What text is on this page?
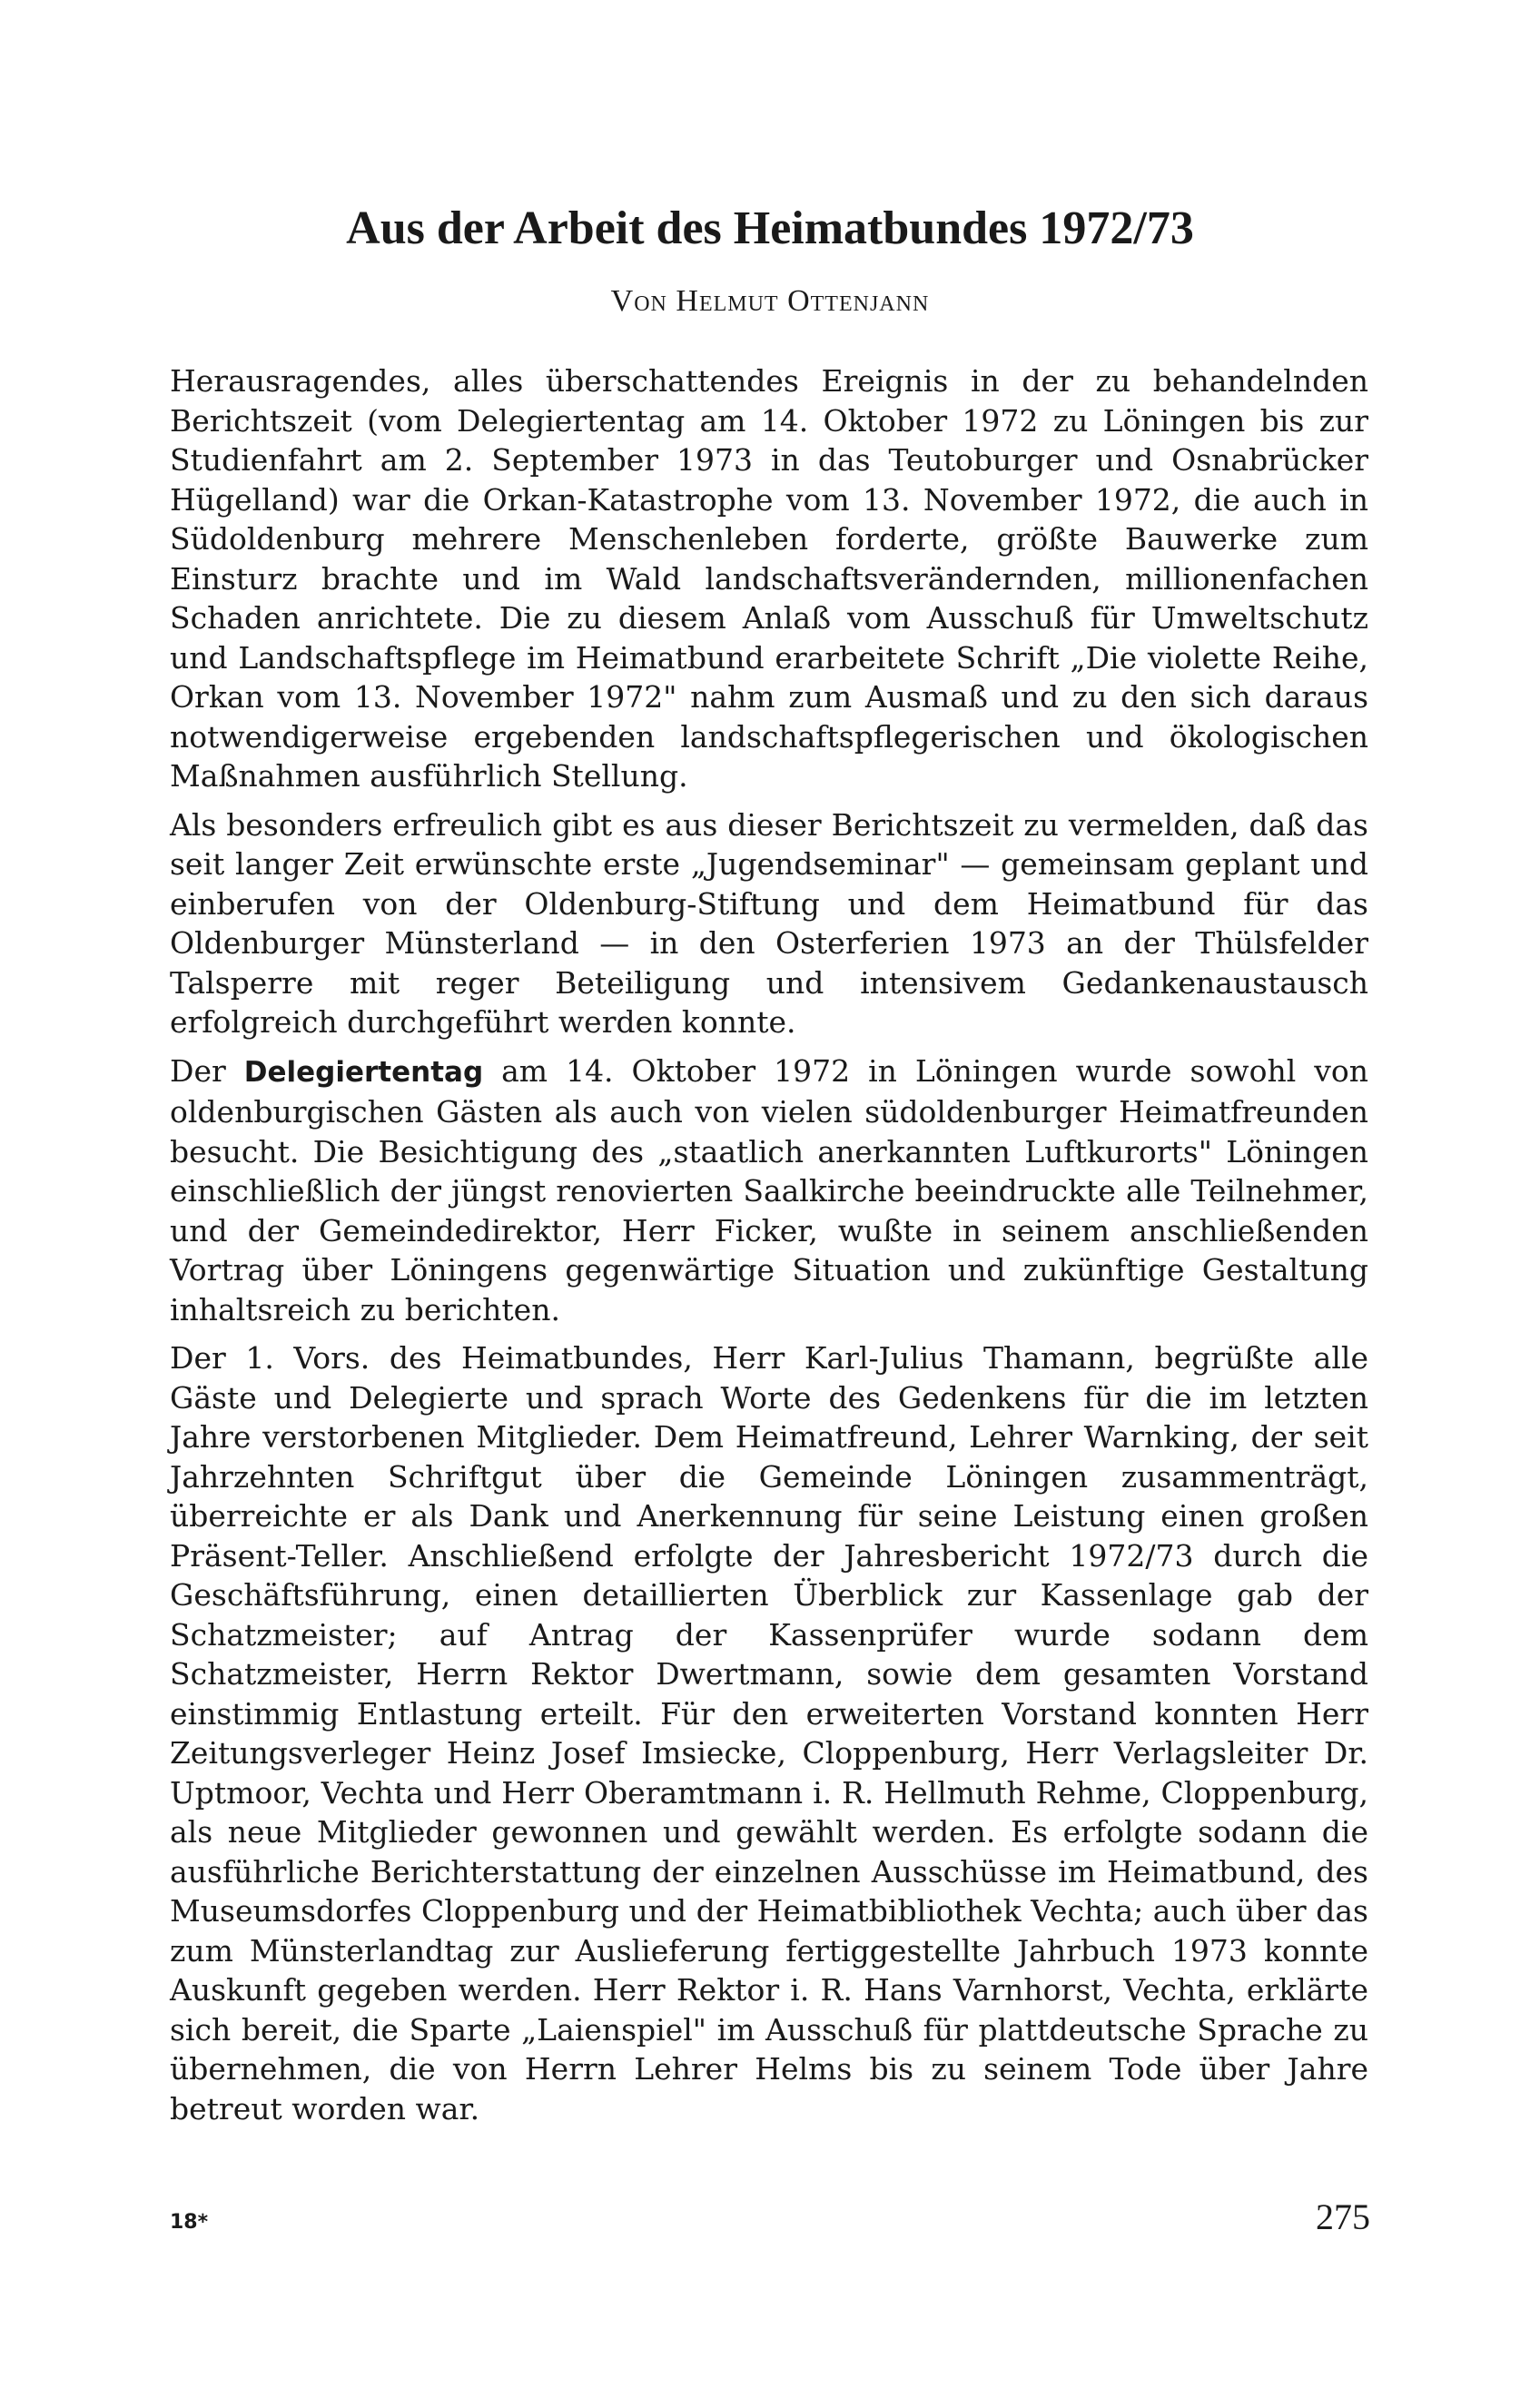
Aus der Arbeit des Heimatbundes 1972/73
Von Helmut Ottenjann

Herausragendes, alles überschattendes Ereignis in der zu behandelnden Berichtszeit (vom Delegiertentag am 14. Oktober 1972 zu Löningen bis zur Studienfahrt am 2. September 1973 in das Teutoburger und Osnabrücker Hügelland) war die Orkan-Katastrophe vom 13. November 1972, die auch in Südoldenburg mehrere Menschenleben forderte, größte Bauwerke zum Einsturz brachte und im Wald landschaftsverändernden, millionenfachen Schaden anrichtete. Die zu diesem Anlaß vom Ausschuß für Umweltschutz und Landschaftspflege im Heimatbund erarbeitete Schrift „Die violette Reihe, Orkan vom 13. November 1972" nahm zum Ausmaß und zu den sich daraus notwendigerweise ergebenden landschaftspflegerischen und ökologischen Maßnahmen ausführlich Stellung.

Als besonders erfreulich gibt es aus dieser Berichtszeit zu vermelden, daß das seit langer Zeit erwünschte erste „Jugendseminar" — gemeinsam geplant und einberufen von der Oldenburg-Stiftung und dem Heimatbund für das Oldenburger Münsterland — in den Osterferien 1973 an der Thülsfelder Talsperre mit reger Beteiligung und intensivem Gedankenaustausch erfolgreich durchgeführt werden konnte.

Der Delegiertentag am 14. Oktober 1972 in Löningen wurde sowohl von oldenburgischen Gästen als auch von vielen südoldenburger Heimatfreunden besucht. Die Besichtigung des „staatlich anerkannten Luftkurorts" Löningen einschließlich der jüngst renovierten Saalkirche beeindruckte alle Teilnehmer, und der Gemeindedirektor, Herr Ficker, wußte in seinem anschließenden Vortrag über Löningens gegenwärtige Situation und zukünftige Gestaltung inhaltsreich zu berichten.

Der 1. Vors. des Heimatbundes, Herr Karl-Julius Thamann, begrüßte alle Gäste und Delegierte und sprach Worte des Gedenkens für die im letzten Jahre verstorbenen Mitglieder. Dem Heimatfreund, Lehrer Warnking, der seit Jahrzehnten Schriftgut über die Gemeinde Löningen zusammenträgt, überreichte er als Dank und Anerkennung für seine Leistung einen großen Präsent-Teller. Anschließend erfolgte der Jahresbericht 1972/73 durch die Geschäftsführung, einen detaillierten Überblick zur Kassenlage gab der Schatzmeister; auf Antrag der Kassenprüfer wurde sodann dem Schatzmeister, Herrn Rektor Dwertmann, sowie dem gesamten Vorstand einstimmig Entlastung erteilt. Für den erweiterten Vorstand konnten Herr Zeitungsverleger Heinz Josef Imsiecke, Cloppenburg, Herr Verlagsleiter Dr. Uptmoor, Vechta und Herr Oberamtmann i. R. Hellmuth Rehme, Cloppenburg, als neue Mitglieder gewonnen und gewählt werden. Es erfolgte sodann die ausführliche Berichterstattung der einzelnen Ausschüsse im Heimatbund, des Museumsdorfes Cloppenburg und der Heimatbibliothek Vechta; auch über das zum Münsterlandtag zur Auslieferung fertiggestellte Jahrbuch 1973 konnte Auskunft gegeben werden. Herr Rektor i. R. Hans Varnhorst, Vechta, erklärte sich bereit, die Sparte „Laienspiel" im Ausschuß für plattdeutsche Sprache zu übernehmen, die von Herrn Lehrer Helms bis zu seinem Tode über Jahre betreut worden war.

18*	275
